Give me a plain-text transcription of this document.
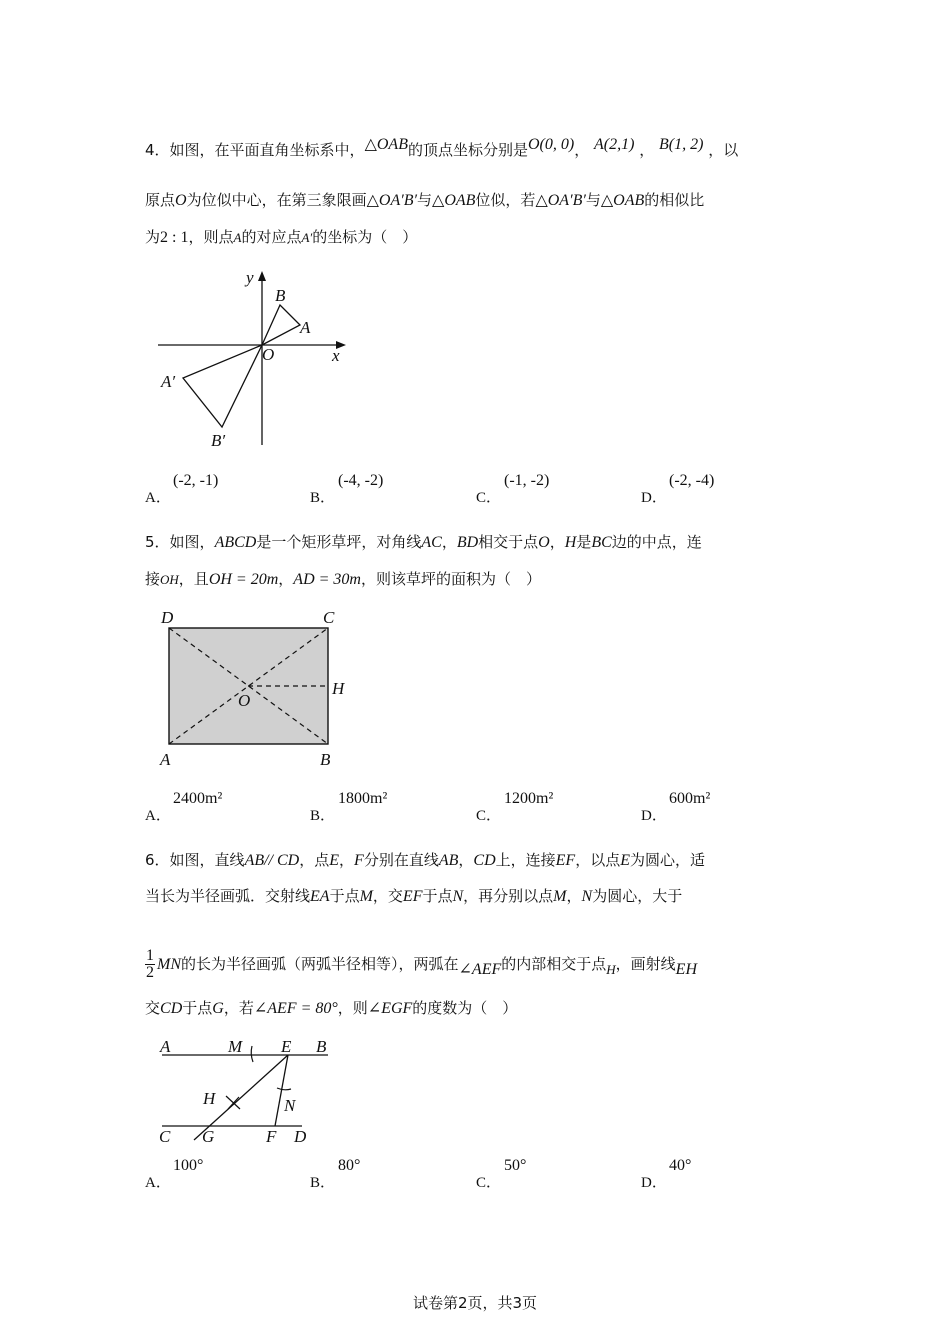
4．如图，在平面直角坐标系中，△OAB的顶点坐标分别是O(0, 0)， A(2,1) ， B(1, 2) ，以
原点O为位似中心，在第三象限画△OA′B′与△OAB位似，若△OA′B′与△OAB的相似比
为2 : 1，则点A的对应点A′的坐标为（　）
y
x
B
A
O
A′
B′
A．
(-2, -1)
B．
(-4, -2)
C．
(-1, -2)
D．
(-2, -4)
5．如图，ABCD是一个矩形草坪，对角线AC，BD相交于点O，H是BC边的中点，连
接OH，且OH = 20m，AD = 30m，则该草坪的面积为（　）
D	C
H
O
A	B
A．
2400m²
B．
1800m²
C．
1200m²
D．
600m²
6．如图，直线AB// CD，点E，F分别在直线AB，CD上，连接EF，以点E为圆心，适
当长为半径画弧．交射线EA于点M，交EF于点N，再分别以点M，N为圆心，大于
$\frac{1}{2}$ MN的长为半径画弧（两弧半径相等），两弧在∠AEF的内部相交于点H，画射线EH
交CD于点G，若∠AEF = 80°，则∠EGF的度数为（　）
A	M E B
H	N
C G	F D
A．
100°
B．
80°
C．
50°
D．
40°
试卷第2页，共3页
